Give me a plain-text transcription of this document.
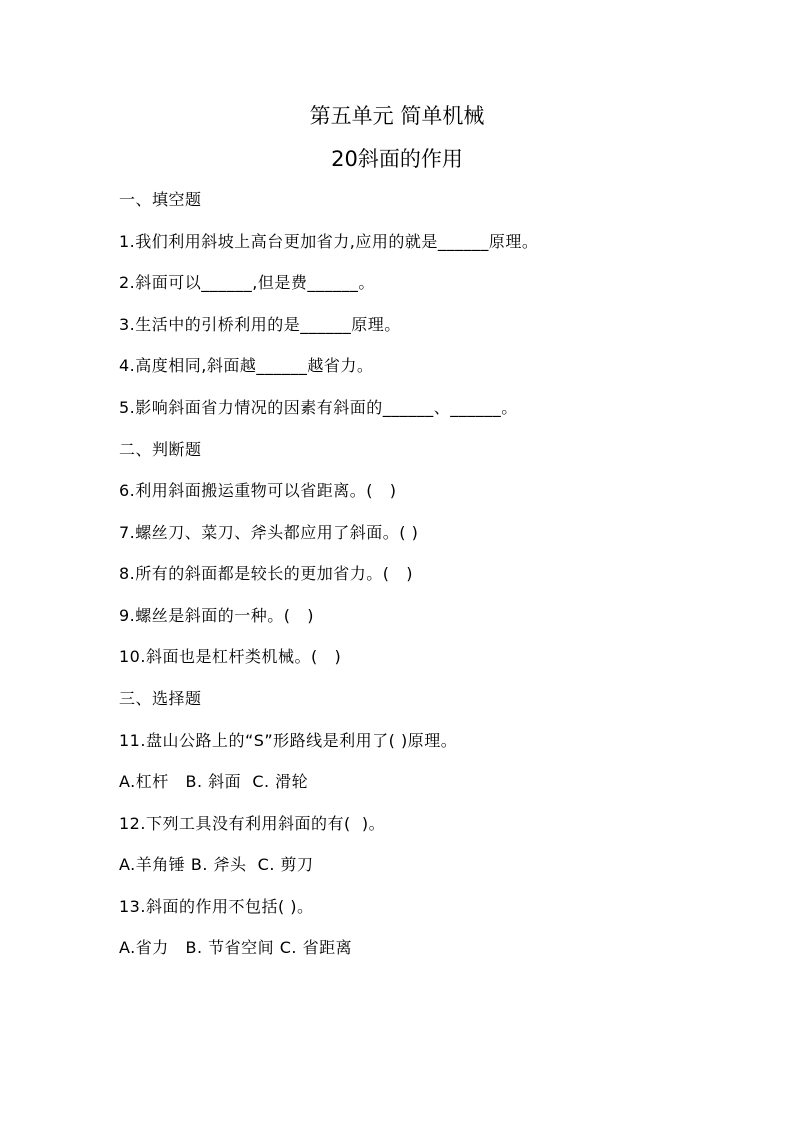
第五单元 简单机械
20斜面的作用
一、填空题
1.我们利用斜坡上高台更加省力,应用的就是______原理。
2.斜面可以______,但是费______。
3.生活中的引桥利用的是______原理。
4.高度相同,斜面越______越省力。
5.影响斜面省力情况的因素有斜面的______、______。
二、判断题
6.利用斜面搬运重物可以省距离。(   )
7.螺丝刀、菜刀、斧头都应用了斜面。( )
8.所有的斜面都是较长的更加省力。(   )
9.螺丝是斜面的一种。(   )
10.斜面也是杠杆类机械。(   )
三、选择题
11.盘山公路上的“S”形路线是利用了( )原理。
A.杠杆   B. 斜面  C. 滑轮
12.下列工具没有利用斜面的有(  )。
A.羊角锤 B. 斧头  C. 剪刀
13.斜面的作用不包括( )。
A.省力   B. 节省空间 C. 省距离
